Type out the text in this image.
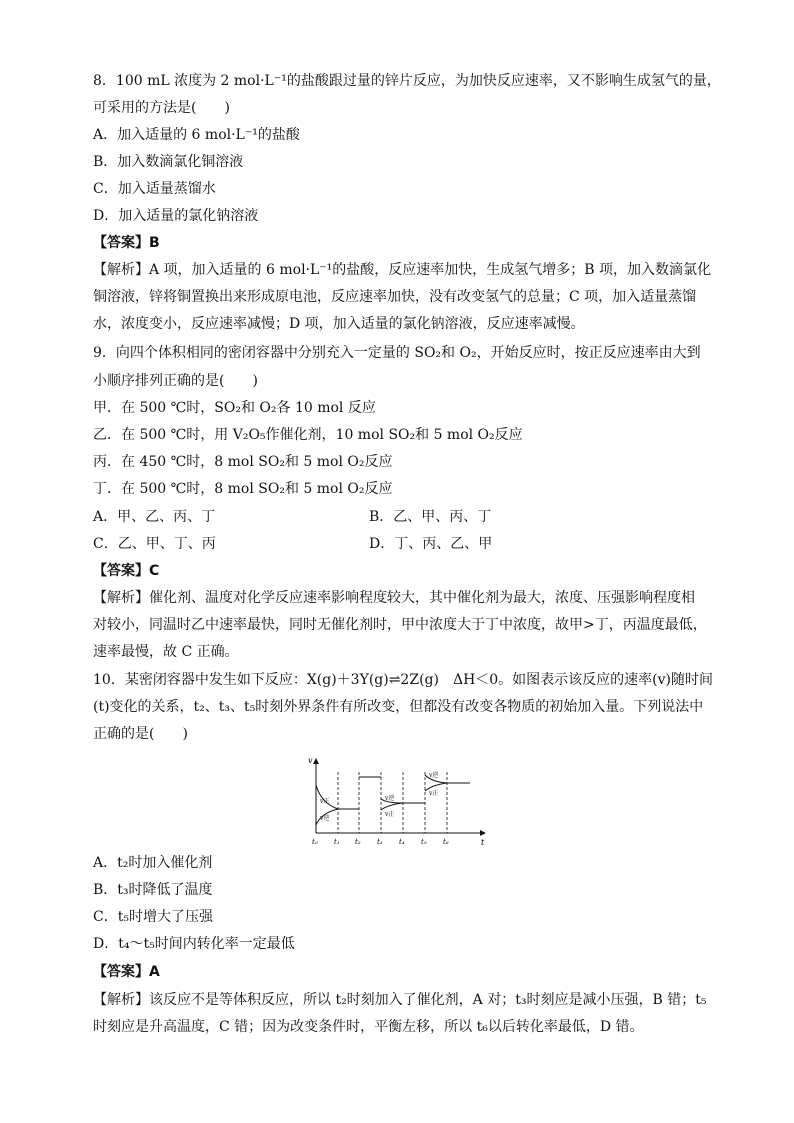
8．100 mL 浓度为 2 mol·L⁻¹的盐酸跟过量的锌片反应，为加快反应速率，又不影响生成氢气的量，
可采用的方法是(　　)
A．加入适量的 6 mol·L⁻¹的盐酸
B．加入数滴氯化铜溶液
C．加入适量蒸馏水
D．加入适量的氯化钠溶液
【答案】B
【解析】A 项，加入适量的 6 mol·L⁻¹的盐酸，反应速率加快，生成氢气增多；B 项，加入数滴氯化
铜溶液，锌将铜置换出来形成原电池，反应速率加快，没有改变氢气的总量；C 项，加入适量蒸馏
水，浓度变小，反应速率减慢；D 项，加入适量的氯化钠溶液，反应速率减慢。
9．向四个体积相同的密闭容器中分别充入一定量的 SO₂和 O₂，开始反应时，按正反应速率由大到
小顺序排列正确的是(　　)
甲．在 500 ℃时，SO₂和 O₂各 10 mol 反应
乙．在 500 ℃时，用 V₂O₅作催化剂，10 mol SO₂和 5 mol O₂反应
丙．在 450 ℃时，8 mol SO₂和 5 mol O₂反应
丁．在 500 ℃时，8 mol SO₂和 5 mol O₂反应
A．甲、乙、丙、丁	B．乙、甲、丙、丁
C．乙、甲、丁、丙	D．丁、丙、乙、甲
【答案】C
【解析】催化剂、温度对化学反应速率影响程度较大，其中催化剂为最大，浓度、压强影响程度相
对较小，同温时乙中速率最快，同时无催化剂时，甲中浓度大于丁中浓度，故甲>丁，丙温度最低，
速率最慢，故 C 正确。
10．某密闭容器中发生如下反应：X(g)＋3Y(g)⇌2Z(g)　ΔH＜0。如图表示该反应的速率(v)随时间
(t)变化的关系，t₂、t₃、t₅时刻外界条件有所改变，但都没有改变各物质的初始加入量。下列说法中
正确的是(　　)
v
t
v正
v逆
v逆
v正
v逆
v正
t₀ t₁ t₂ t₃ t₄ t₅ t₆
A．t₂时加入催化剂
B．t₃时降低了温度
C．t₅时增大了压强
D．t₄～t₅时间内转化率一定最低
【答案】A
【解析】该反应不是等体积反应，所以 t₂时刻加入了催化剂，A 对；t₃时刻应是减小压强，B 错；t₅
时刻应是升高温度，C 错；因为改变条件时，平衡左移，所以 t₆以后转化率最低，D 错。
